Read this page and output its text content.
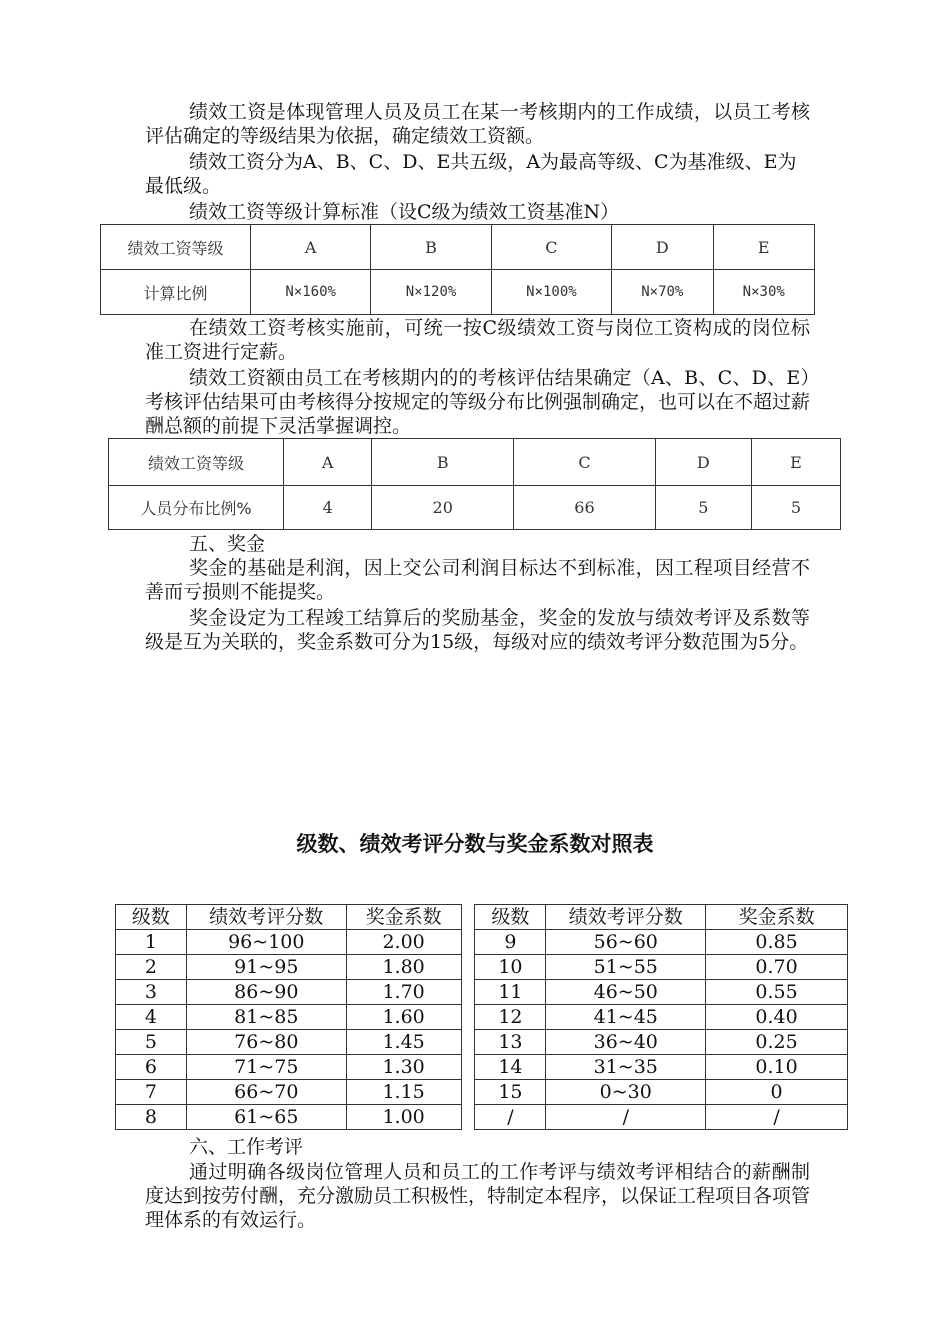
绩效工资是体现管理人员及员工在某一考核期内的工作成绩，以员工考核评估确定的等级结果为依据，确定绩效工资额。

绩效工资分为A、B、C、D、E共五级，A为最高等级、C为基准级、E为最低级。

绩效工资等级计算标准（设C级为绩效工资基准N）

绩效工资等级	A	B	C	D	E
计算比例	N×160%	N×120%	N×100%	N×70%	N×30%

在绩效工资考核实施前，可统一按C级绩效工资与岗位工资构成的岗位标准工资进行定薪。

绩效工资额由员工在考核期内的的考核评估结果确定（A、B、C、D、E）考核评估结果可由考核得分按规定的等级分布比例强制确定，也可以在不超过薪酬总额的前提下灵活掌握调控。

绩效工资等级	A	B	C	D	E
人员分布比例%	4	20	66	5	5

五、奖金

奖金的基础是利润，因上交公司利润目标达不到标准，因工程项目经营不善而亏损则不能提奖。

奖金设定为工程竣工结算后的奖励基金，奖金的发放与绩效考评及系数等级是互为关联的，奖金系数可分为15级，每级对应的绩效考评分数范围为5分。

级数、绩效考评分数与奖金系数对照表
级数	绩效考评分数	奖金系数		级数	绩效考评分数	奖金系数
1	96~100	2.00		9	56~60	0.85
2	91~95	1.80		10	51~55	0.70
3	86~90	1.70		11	46~50	0.55
4	81~85	1.60		12	41~45	0.40
5	76~80	1.45		13	36~40	0.25
6	71~75	1.30		14	31~35	0.10
7	66~70	1.15		15	0~30	0
8	61~65	1.00		/	/	/

六、工作考评

通过明确各级岗位管理人员和员工的工作考评与绩效考评相结合的薪酬制度达到按劳付酬，充分激励员工积极性，特制定本程序，以保证工程项目各项管理体系的有效运行。
